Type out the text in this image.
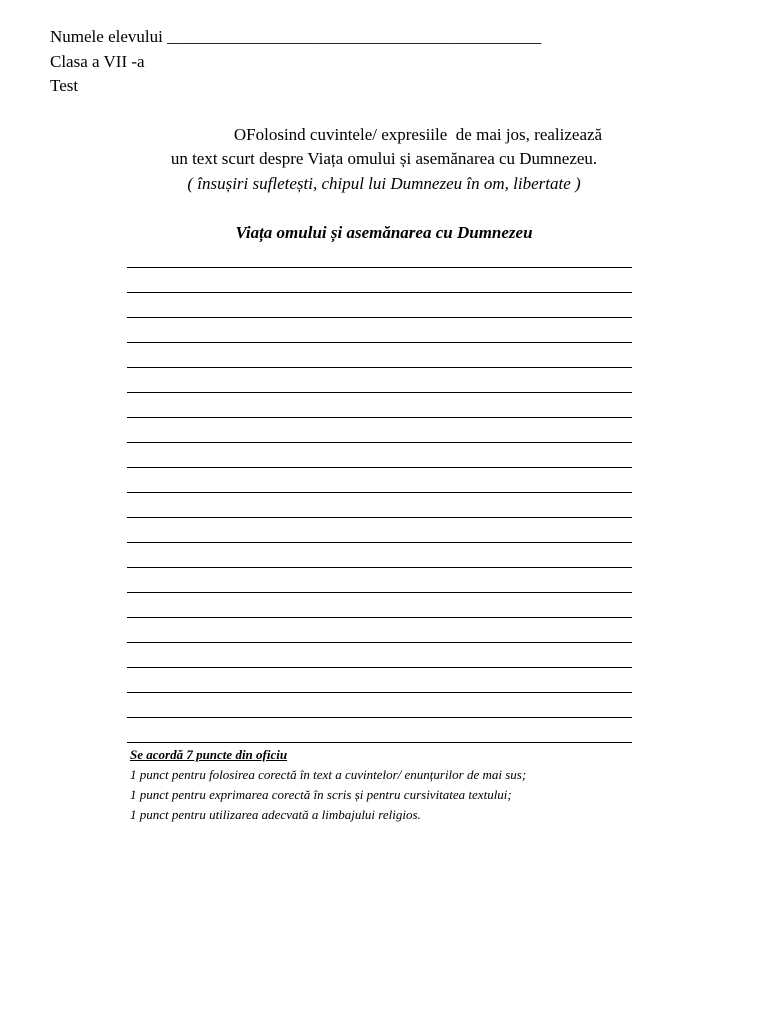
Numele elevului ____________________________________________
Clasa a VII -a
Test
OFolosind cuvintele/ expresiile  de mai jos, realizează
un text scurt despre Viața omului și asemănarea cu Dumnezeu.
( însușiri sufletești, chipul lui Dumnezeu în om, libertate )
Viața omului și asemănarea cu Dumnezeu
Se acordă 7 puncte din oficiu
1 punct pentru folosirea corectă în text a cuvintelor/ enunțurilor de mai sus;
1 punct pentru exprimarea corectă în scris și pentru cursivitatea textului;
1 punct pentru utilizarea adecvată a limbajului religios.
